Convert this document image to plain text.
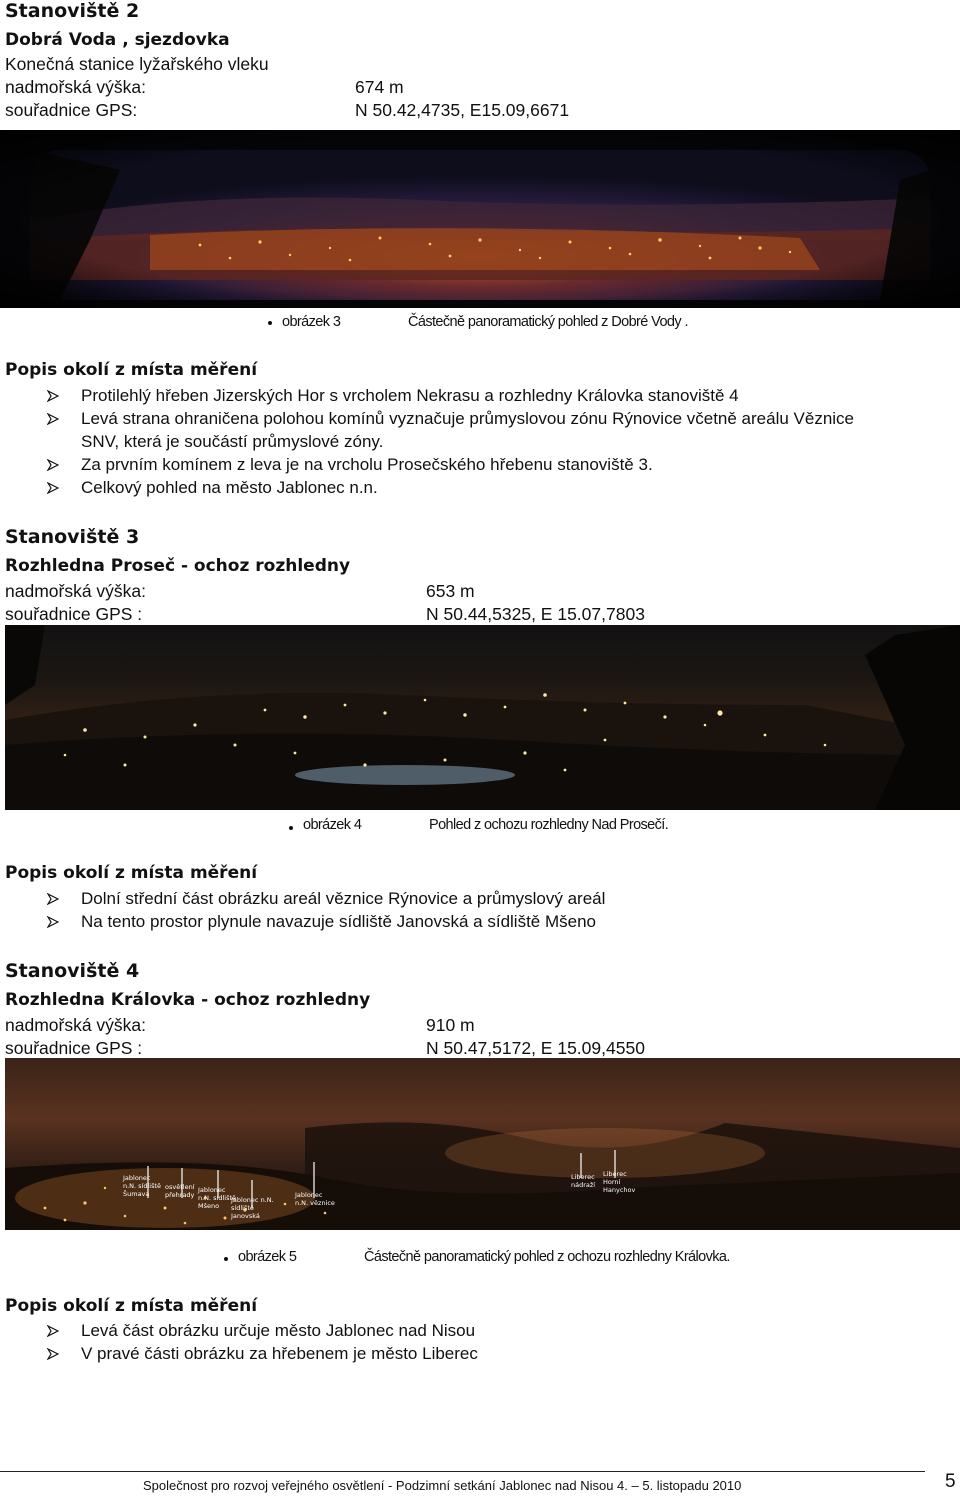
Stanoviště 2
Dobrá Voda , sjezdovka
Konečná stanice lyžařského vleku
nadmořská výška:	674 m
souřadnice GPS:	N 50.42,4735, E15.09,6671
obrázek 3	Částečně panoramatický pohled z Dobré Vody .
Popis okolí z místa měření
Protilehlý hřeben Jizerských Hor s vrcholem Nekrasu a rozhledny Královka stanoviště 4
Levá strana ohraničena polohou komínů vyznačuje průmyslovou zónu Rýnovice včetně areálu Věznice
SNV, která je součástí průmyslové zóny.
Za prvním komínem z leva je na vrcholu Prosečského hřebenu stanoviště 3.
Celkový pohled na město Jablonec n.n.
Stanoviště 3
Rozhledna Proseč - ochoz rozhledny
nadmořská výška:	653 m
souřadnice GPS :	N 50.44,5325, E 15.07,7803
obrázek 4	Pohled z ochozu rozhledny Nad Prosečí.
Popis okolí z místa měření
Dolní střední část obrázku areál věznice Rýnovice a průmyslový areál
Na tento prostor plynule navazuje sídliště Janovská a sídliště Mšeno
Stanoviště 4
Rozhledna Královka - ochoz rozhledny
nadmořská výška:	910 m
souřadnice GPS :	N 50.47,5172, E 15.09,4550
Jablonec n.N. sídliště Šumava
osvětlení přehrady
Jablonec n.N. sídliště Mšeno
Jablonec n.N. sídliště Janovská
Jablonec n.N. věznice
Liberec nádraží
Liberec Horní Hanychov
obrázek 5	Částečně panoramatický pohled z ochozu rozhledny Královka.
Popis okolí z místa měření
Levá část obrázku určuje město Jablonec nad Nisou
V pravé části obrázku za hřebenem je město Liberec
Společnost pro rozvoj veřejného osvětlení - Podzimní setkání Jablonec nad Nisou 4. – 5. listopadu 2010	5
